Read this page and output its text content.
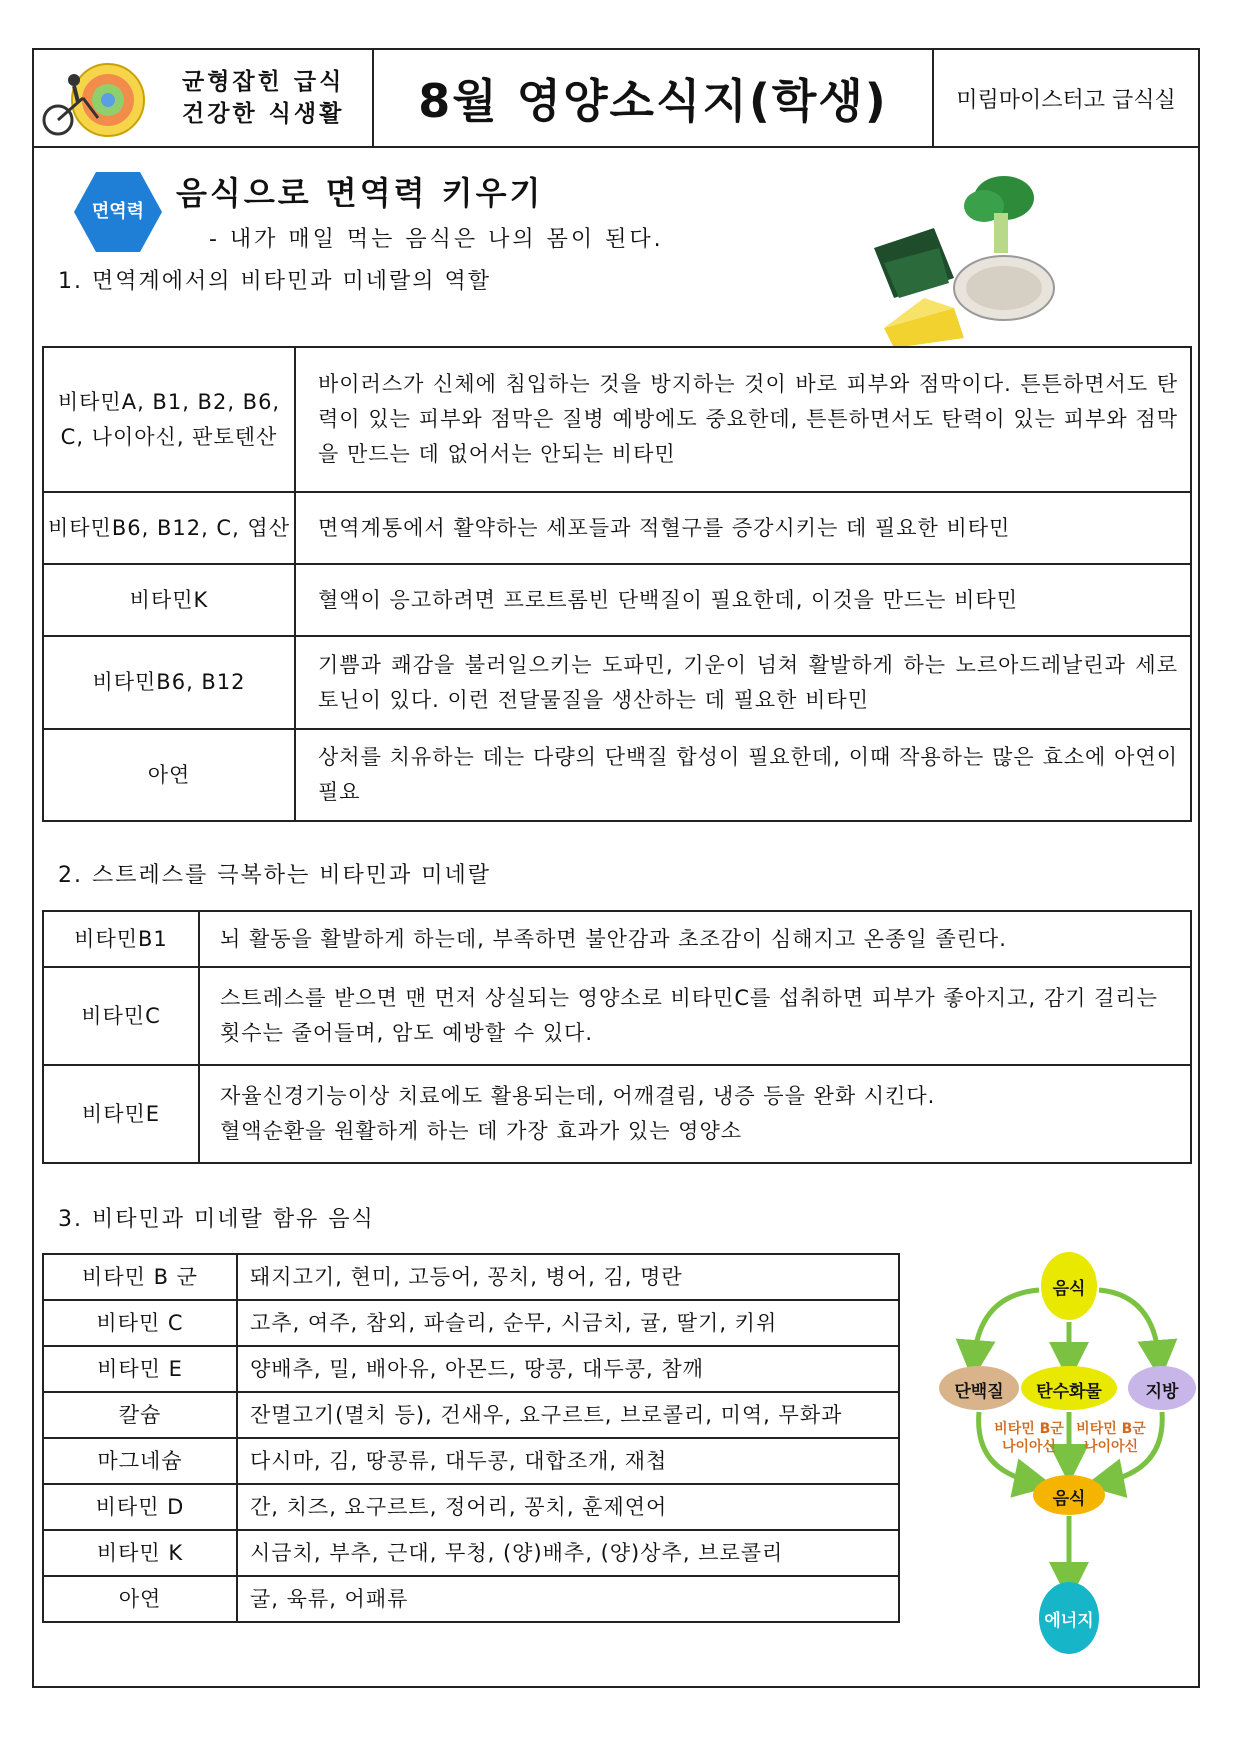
균형잡힌 급식
건강한 식생활 8월 영양소식지(학생)	미림마이스터고 급식실
면역력 음식으로 면역력 키우기
- 내가 매일 먹는 음식은 나의 몸이 된다.
1. 면역계에서의 비타민과 미네랄의 역할
비타민A, B1, B2, B6, C, 나이아신, 판토텐산	바이러스가 신체에 침입하는 것을 방지하는 것이 바로 피부와 점막이다. 튼튼하면서도 탄력이 있는 피부와 점막은 질병 예방에도 중요한데, 튼튼하면서도 탄력이 있는 피부와 점막을 만드는 데 없어서는 안되는 비타민
비타민B6, B12, C, 엽산	면역계통에서 활약하는 세포들과 적혈구를 증강시키는 데 필요한 비타민
비타민K	혈액이 응고하려면 프로트롬빈 단백질이 필요한데, 이것을 만드는 비타민
비타민B6, B12	기쁨과 쾌감을 불러일으키는 도파민, 기운이 넘쳐 활발하게 하는 노르아드레날린과 세로토닌이 있다. 이런 전달물질을 생산하는 데 필요한 비타민
아연	상처를 치유하는 데는 다량의 단백질 합성이 필요한데, 이때 작용하는 많은 효소에 아연이 필요
2. 스트레스를 극복하는 비타민과 미네랄
비타민B1	뇌 활동을 활발하게 하는데, 부족하면 불안감과 초조감이 심해지고 온종일 졸린다.
비타민C	스트레스를 받으면 맨 먼저 상실되는 영양소로 비타민C를 섭취하면 피부가 좋아지고, 감기 걸리는 횟수는 줄어들며, 암도 예방할 수 있다.
비타민E	자율신경기능이상 치료에도 활용되는데, 어깨결림, 냉증 등을 완화 시킨다.
혈액순환을 원활하게 하는 데 가장 효과가 있는 영양소
3. 비타민과 미네랄 함유 음식
비타민 B 군	돼지고기, 현미, 고등어, 꽁치, 병어, 김, 명란
비타민 C	고추, 여주, 참외, 파슬리, 순무, 시금치, 귤, 딸기, 키위
비타민 E	양배추, 밀, 배아유, 아몬드, 땅콩, 대두콩, 참깨
칼슘	잔멸고기(멸치 등), 건새우, 요구르트, 브로콜리, 미역, 무화과
마그네슘	다시마, 김, 땅콩류, 대두콩, 대합조개, 재첩
비타민 D	간, 치즈, 요구르트, 정어리, 꽁치, 훈제연어
비타민 K	시금치, 부추, 근대, 무청, (양)배추, (양)상추, 브로콜리
아연	굴, 육류, 어패류
음식
단백질	탄수화물	지방
비타민 B군
나이아신
비타민 B군
나이아신
음식
에너지
